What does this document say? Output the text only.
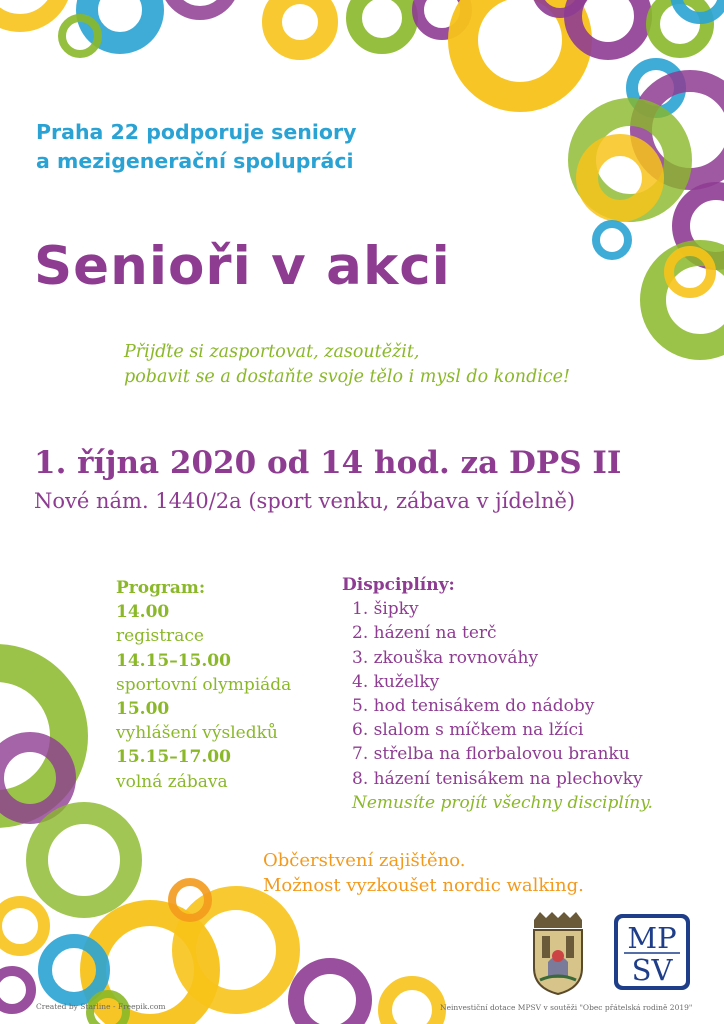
Praha 22 podporuje seniory
a mezigenerační spolupráci
Senioři v akci
Přijďte si zasportovat, zasoutěžit,
pobavit se a dostaňte svoje tělo i mysl do kondice!
1. října 2020 od 14 hod. za DPS II
Nové nám. 1440/2a (sport venku, zábava v jídelně)
Program:
14.00
registrace
14.15–15.00
sportovní olympiáda
15.00
vyhlášení výsledků
15.15–17.00
volná zábava
Dispciplíny:
1. šipky
2. házení na terč
3. zkouška rovnováhy
4. kuželky
5. hod tenisákem do nádoby
6. slalom s míčkem na lžíci
7. střelba na florbalovou branku
8. házení tenisákem na plechovky
Nemusíte projít všechny disciplíny.
Občerstvení zajištěno.
Možnost vyzkoušet nordic walking.
MP
SV
Created by Starline - Freepik.com	Neinvestiční dotace MPSV v soutěži "Obec přátelská rodině 2019"
